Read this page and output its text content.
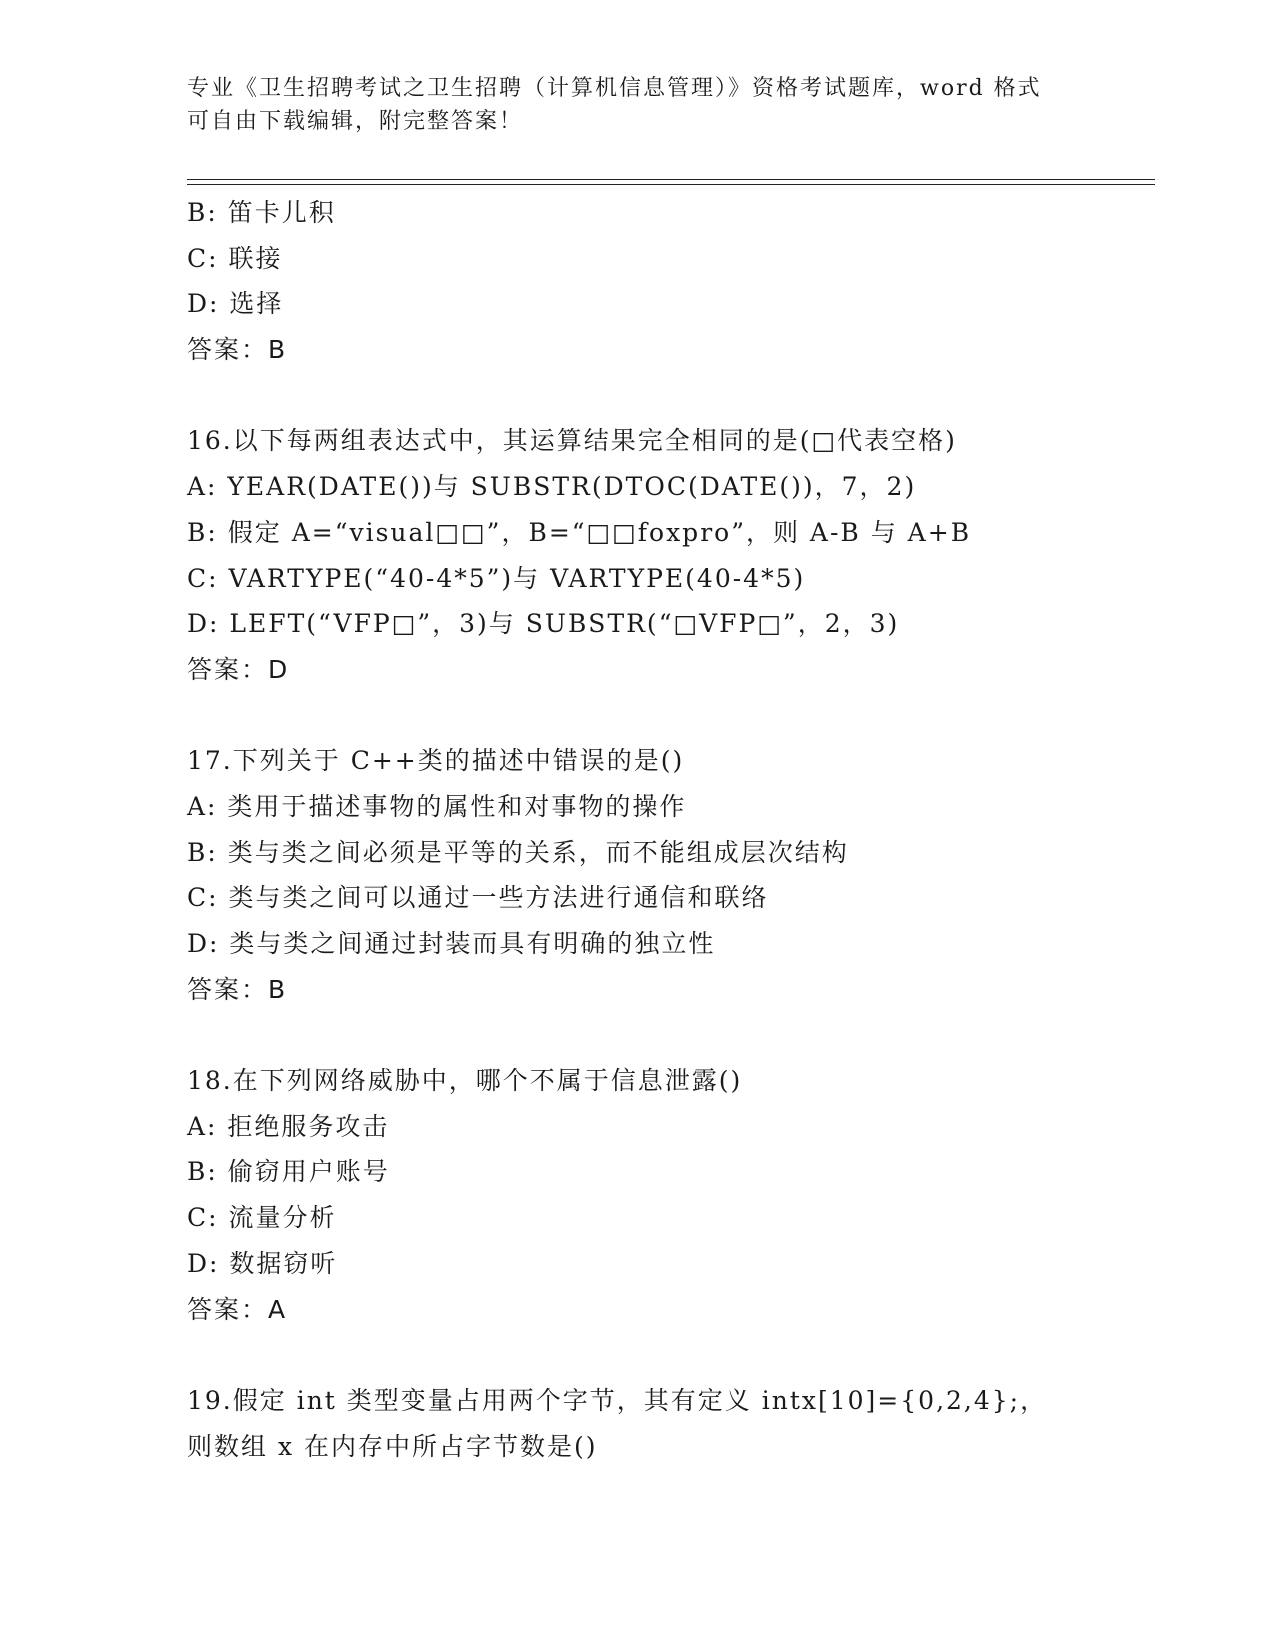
专业《卫生招聘考试之卫生招聘（计算机信息管理）》资格考试题库，word 格式
可自由下载编辑，附完整答案！
B: 笛卡儿积
C: 联接
D: 选择
答案：B
16.以下每两组表达式中，其运算结果完全相同的是(□代表空格)
A: YEAR(DATE())与 SUBSTR(DTOC(DATE())，7，2)
B: 假定 A=“visual□□”，B=“□□foxpro”，则 A-B 与 A+B
C: VARTYPE(“40-4*5”)与 VARTYPE(40-4*5)
D: LEFT(“VFP□”，3)与 SUBSTR(“□VFP□”，2，3)
答案：D
17.下列关于 C++类的描述中错误的是()
A: 类用于描述事物的属性和对事物的操作
B: 类与类之间必须是平等的关系，而不能组成层次结构
C: 类与类之间可以通过一些方法进行通信和联络
D: 类与类之间通过封装而具有明确的独立性
答案：B
18.在下列网络威胁中，哪个不属于信息泄露()
A: 拒绝服务攻击
B: 偷窃用户账号
C: 流量分析
D: 数据窃听
答案：A
19.假定 int 类型变量占用两个字节，其有定义 intx[10]={0,2,4};，
则数组 x 在内存中所占字节数是()
